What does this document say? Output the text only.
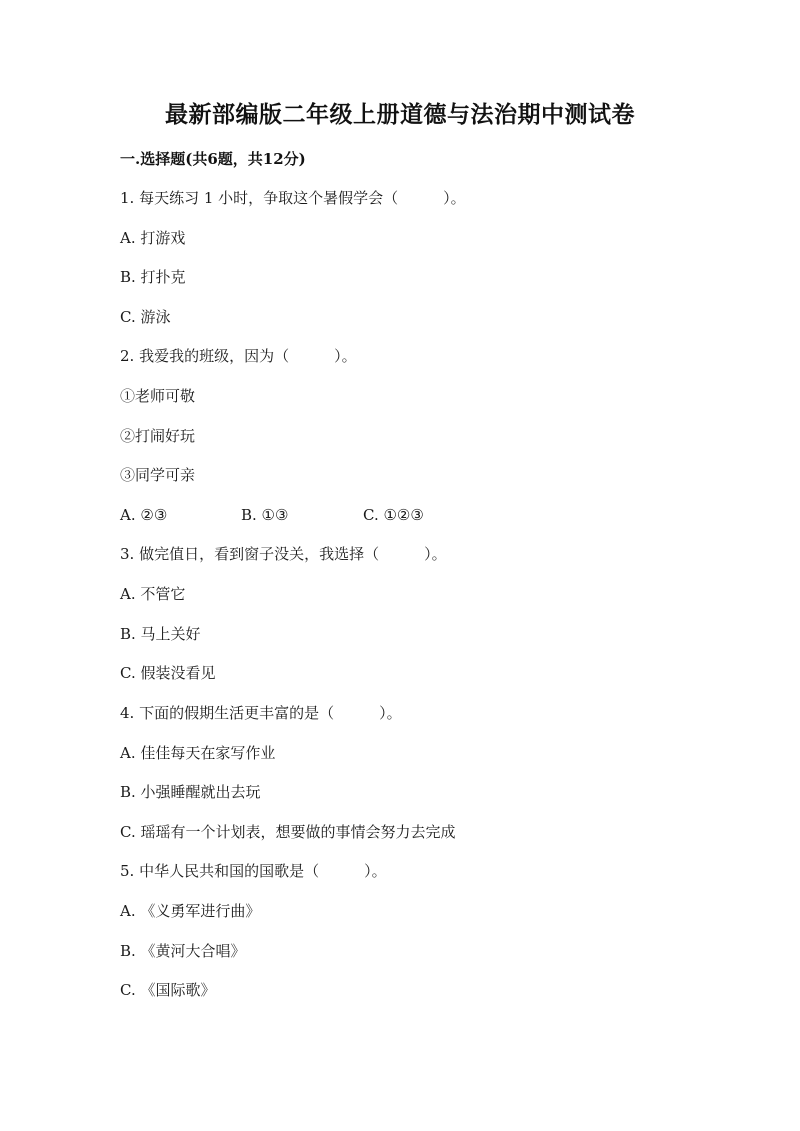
最新部编版二年级上册道德与法治期中测试卷
一.选择题(共6题，共12分)
1. 每天练习 1 小时，争取这个暑假学会（　　　）。
A. 打游戏
B. 打扑克
C. 游泳
2. 我爱我的班级，因为（　　　）。
①老师可敬
②打闹好玩
③同学可亲

A. ②③

	B. ①③

	C. ①②③

3. 做完值日，看到窗子没关，我选择（　　　）。
A. 不管它
B. 马上关好
C. 假装没看见
4. 下面的假期生活更丰富的是（　　　）。
A. 佳佳每天在家写作业
B. 小强睡醒就出去玩
C. 瑶瑶有一个计划表，想要做的事情会努力去完成
5. 中华人民共和国的国歌是（　　　）。
A. 《义勇军进行曲》
B. 《黄河大合唱》
C. 《国际歌》
